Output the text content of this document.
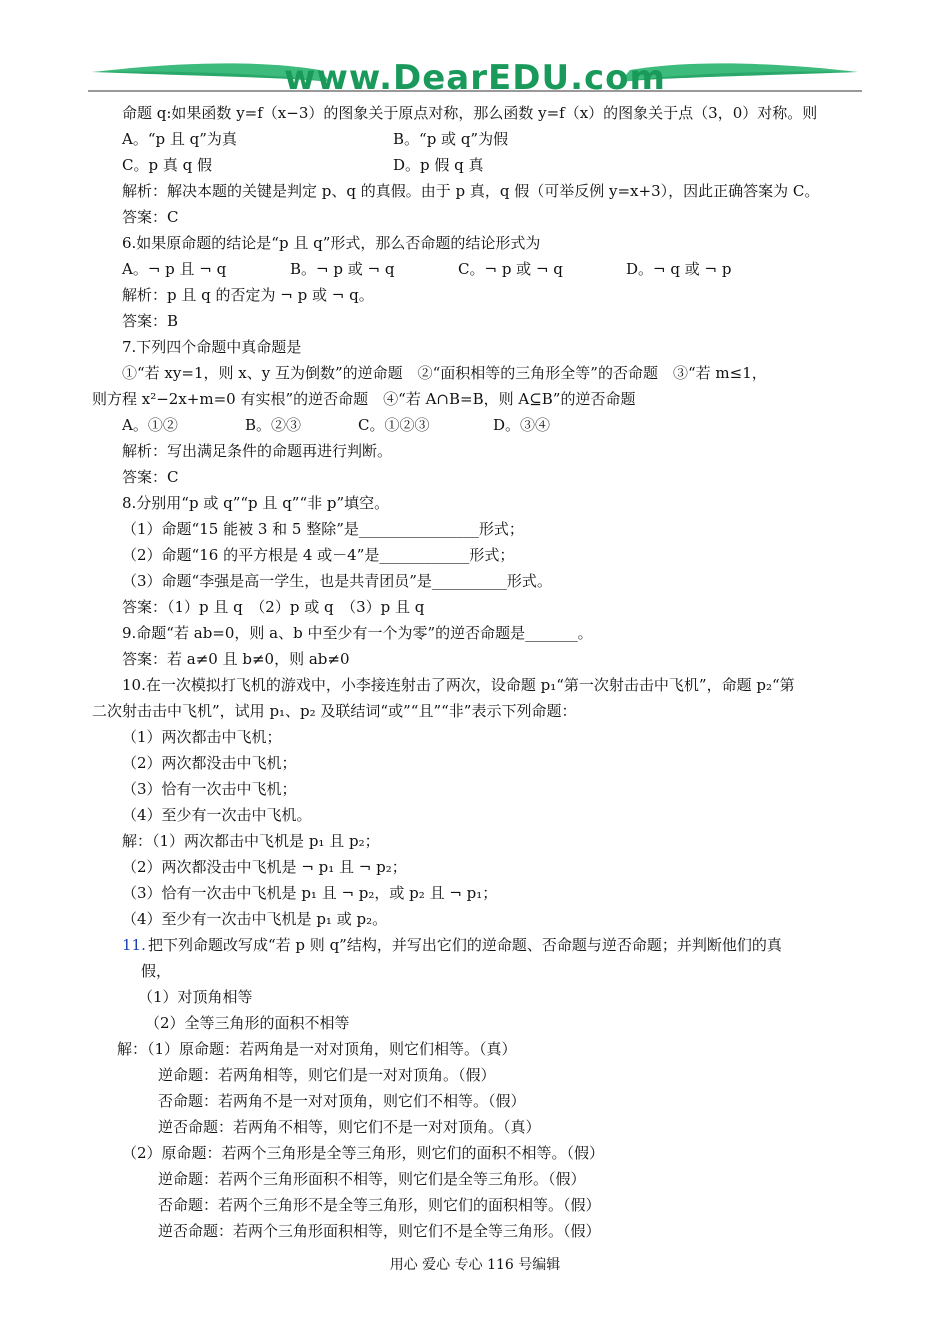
www.DearEDU.com
命题 q:如果函数 y=f（x−3）的图象关于原点对称，那么函数 y=f（x）的图象关于点（3，0）对称。则
A。“p 且 q”为真	B。“p 或 q”为假
C。p 真 q 假	D。p 假 q 真
解析：解决本题的关键是判定 p、q 的真假。由于 p 真，q 假（可举反例 y=x+3），因此正确答案为 C。
答案：C
6.如果原命题的结论是“p 且 q”形式，那么否命题的结论形式为
A。¬ p 且 ¬ q	B。¬ p 或 ¬ q	C。¬ p 或 ¬ q	D。¬ q 或 ¬ p
解析：p 且 q 的否定为 ¬ p 或 ¬ q。
答案：B
7.下列四个命题中真命题是
①“若 xy=1，则 x、y 互为倒数”的逆命题　②“面积相等的三角形全等”的否命题　③“若 m≤1，
则方程 x²−2x+m=0 有实根”的逆否命题　④“若 A∩B=B，则 A⊆B”的逆否命题
A。①②	B。②③	C。①②③	D。③④
解析：写出满足条件的命题再进行判断。
答案：C
8.分别用“p 或 q”“p 且 q”“非 p”填空。
（1）命题“15 能被 3 和 5 整除”是________________形式；
（2）命题“16 的平方根是 4 或－4”是____________形式；
（3）命题“李强是高一学生，也是共青团员”是__________形式。
答案：（1）p 且 q　（2）p 或 q　（3）p 且 q
9.命题“若 ab=0，则 a、b 中至少有一个为零”的逆否命题是_______。
答案：若 a≠0 且 b≠0，则 ab≠0
10.在一次模拟打飞机的游戏中，小李接连射击了两次，设命题 p₁“第一次射击击中飞机”，命题 p₂“第
二次射击击中飞机”，试用 p₁、p₂ 及联结词“或”“且”“非”表示下列命题：
（1）两次都击中飞机；
（2）两次都没击中飞机；
（3）恰有一次击中飞机；
（4）至少有一次击中飞机。
解：（1）两次都击中飞机是 p₁ 且 p₂；
（2）两次都没击中飞机是 ¬ p₁ 且 ¬ p₂；
（3）恰有一次击中飞机是 p₁ 且 ¬ p₂，或 p₂ 且 ¬ p₁；
（4）至少有一次击中飞机是 p₁ 或 p₂。
11. 把下列命题改写成“若 p 则 q”结构，并写出它们的逆命题、否命题与逆否命题；并判断他们的真
假，
（1）对顶角相等
（2）全等三角形的面积不相等
解：（1）原命题：若两角是一对对顶角，则它们相等。（真）
逆命题：若两角相等，则它们是一对对顶角。（假）
否命题：若两角不是一对对顶角，则它们不相等。（假）
逆否命题：若两角不相等，则它们不是一对对顶角。（真）
（2）原命题：若两个三角形是全等三角形，则它们的面积不相等。（假）
逆命题：若两个三角形面积不相等，则它们是全等三角形。（假）
否命题：若两个三角形不是全等三角形，则它们的面积相等。（假）
逆否命题：若两个三角形面积相等，则它们不是全等三角形。（假）
用心 爱心 专心 116 号编辑
